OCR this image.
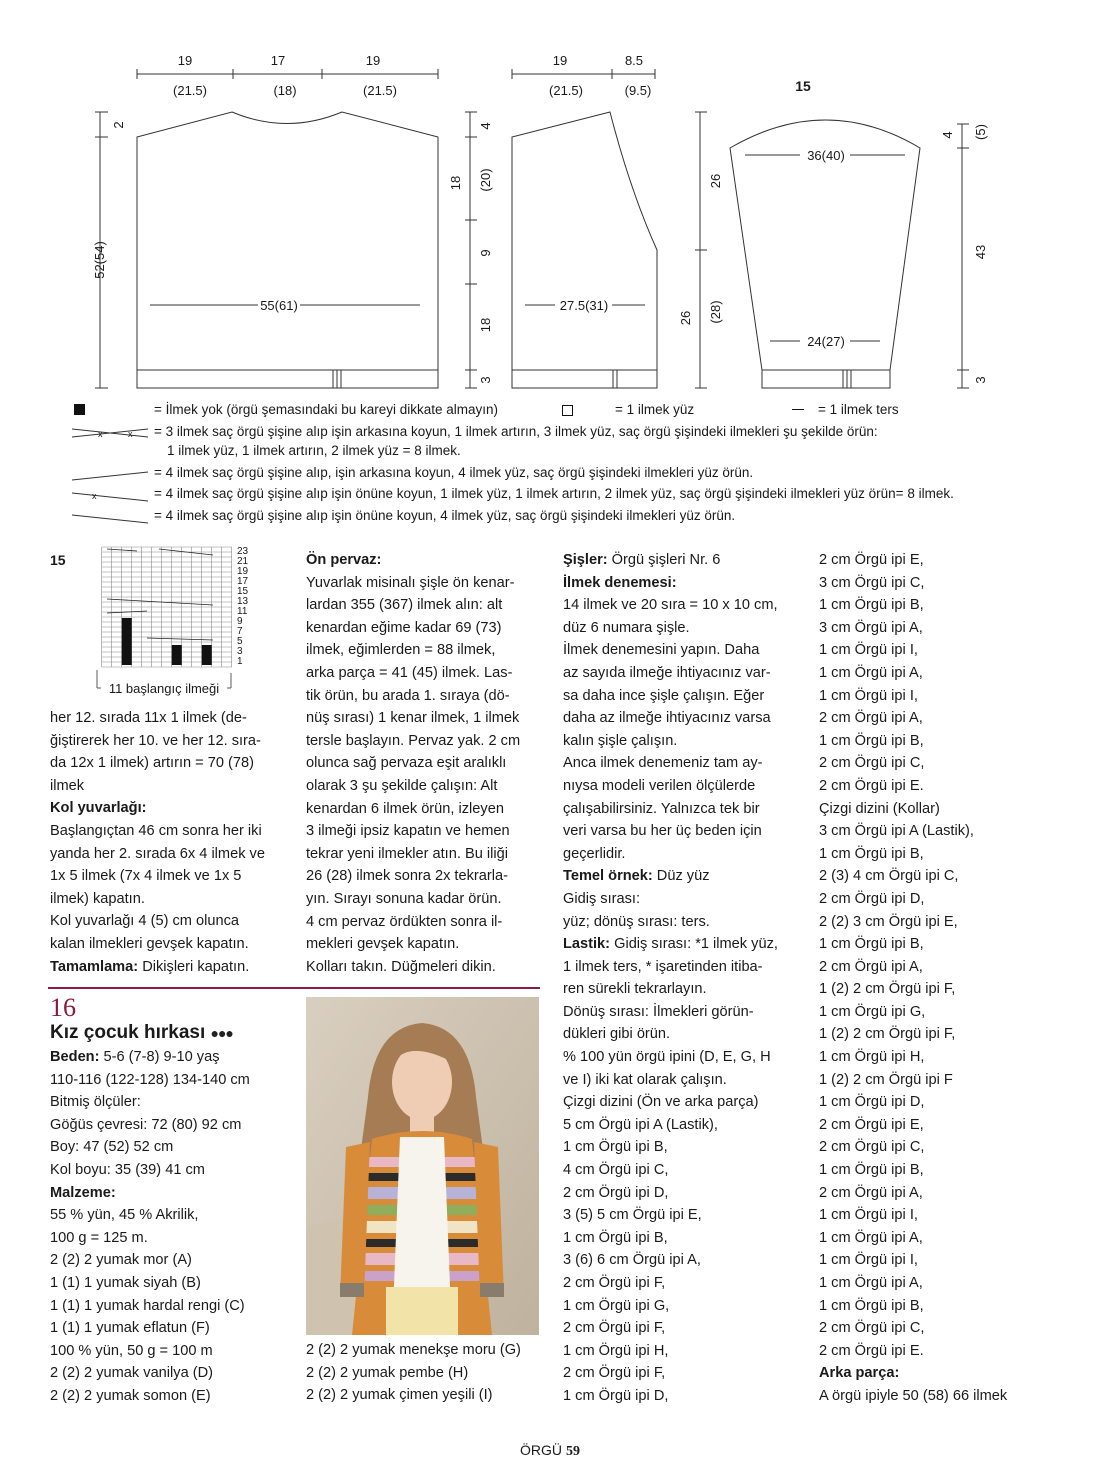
19	17	19
(21.5)	(18)	(21.5)
2
52(54)
55(61)
4
18 (20)
9
18
3
19	8.5
(21.5)	(9.5)
27.5(31)
26
26 (28)
15
36(40)
24(27)
4 (5)
43
3
= İlmek yok (örgü şemasındaki bu kareyi dikkate almayın)	= 1 ilmek yüz	= 1 ilmek ters
x	x = 3 ilmek saç örgü şişine alıp işin arkasına koyun, 1 ilmek artırın, 3 ilmek yüz, saç örgü şişindeki ilmekleri şu şekilde örün:
1 ilmek yüz, 1 ilmek artırın, 2 ilmek yüz = 8 ilmek.
= 4 ilmek saç örgü şişine alıp, işin arkasına koyun, 4 ilmek yüz, saç örgü şişindeki ilmekleri yüz örün.
x	= 4 ilmek saç örgü şişine alıp işin önüne koyun, 1 ilmek yüz, 1 ilmek artırın, 2 ilmek yüz, saç örgü şişindeki ilmekleri yüz örün= 8 ilmek.
= 4 ilmek saç örgü şişine alıp işin önüne koyun, 4 ilmek yüz, saç örgü şişindeki ilmekleri yüz örün.
15
23
21
19
17
15
13
11
9
7
5
3
1
11 başlangıç ilmeği

her 12. sırada 11x 1 ilmek (de-

ğiştirerek her 10. ve her 12. sıra-

da 12x 1 ilmek) artırın = 70 (78)

ilmek

Kol yuvarlağı:

Başlangıçtan 46 cm sonra her iki

yanda her 2. sırada 6x 4 ilmek ve

1x 5 ilmek (7x 4 ilmek ve 1x 5

ilmek) kapatın.

Kol yuvarlağı 4 (5) cm olunca

kalan ilmekleri gevşek kapatın.

Tamamlama: Dikişleri kapatın.

16
Kız çocuk hırkası ●●●

Beden: 5-6 (7-8) 9-10 yaş

110-116 (122-128) 134-140 cm

Bitmiş ölçüler:

Göğüs çevresi: 72 (80) 92 cm

Boy: 47 (52) 52 cm

Kol boyu: 35 (39) 41 cm

Malzeme:

55 % yün, 45 % Akrilik,

100 g = 125 m.

2 (2) 2 yumak mor (A)

1 (1) 1 yumak siyah (B)

1 (1) 1 yumak hardal rengi (C)

1 (1) 1 yumak eflatun (F)

100 % yün, 50 g = 100 m

2 (2) 2 yumak vanilya (D)

2 (2) 2 yumak somon (E)

2 (2) 2 yumak menekşe moru (G)

2 (2) 2 yumak pembe (H)

2 (2) 2 yumak çimen yeşili (I)

Ön pervaz:

Yuvarlak misinalı şişle ön kenar-

lardan 355 (367) ilmek alın: alt

kenardan eğime kadar 69 (73)

ilmek, eğimlerden = 88 ilmek,

arka parça = 41 (45) ilmek. Las-

tik örün, bu arada 1. sıraya (dö-

nüş sırası) 1 kenar ilmek, 1 ilmek

tersle başlayın. Pervaz yak. 2 cm

olunca sağ pervaza eşit aralıklı

olarak 3 şu şekilde çalışın: Alt

kenardan 6 ilmek örün, izleyen

3 ilmeği ipsiz kapatın ve hemen

tekrar yeni ilmekler atın. Bu iliği

26 (28) ilmek sonra 2x tekrarla-

yın. Sırayı sonuna kadar örün.

4 cm pervaz ördükten sonra il-

mekleri gevşek kapatın.

Kolları takın. Düğmeleri dikin.

Şişler: Örgü şişleri Nr. 6

İlmek denemesi:

14 ilmek ve 20 sıra = 10 x 10 cm,

düz 6 numara şişle.

İlmek denemesini yapın. Daha

az sayıda ilmeğe ihtiyacınız var-

sa daha ince şişle çalışın. Eğer

daha az ilmeğe ihtiyacınız varsa

kalın şişle çalışın.

Anca ilmek denemeniz tam ay-

nıysa modeli verilen ölçülerde

çalışabilirsiniz. Yalnızca tek bir

veri varsa bu her üç beden için

geçerlidir.

Temel örnek: Düz yüz

Gidiş sırası:

yüz; dönüş sırası: ters.

Lastik: Gidiş sırası: *1 ilmek yüz,

1 ilmek ters, * işaretinden itiba-

ren sürekli tekrarlayın.

Dönüş sırası: İlmekleri görün-

dükleri gibi örün.

% 100 yün örgü ipini (D, E, G, H

ve I) iki kat olarak çalışın.

Çizgi dizini (Ön ve arka parça)

5 cm Örgü ipi A (Lastik),

1 cm Örgü ipi B,

4 cm Örgü ipi C,

2 cm Örgü ipi D,

3 (5) 5 cm Örgü ipi E,

1 cm Örgü ipi B,

3 (6) 6 cm Örgü ipi A,

2 cm Örgü ipi F,

1 cm Örgü ipi G,

2 cm Örgü ipi F,

1 cm Örgü ipi H,

2 cm Örgü ipi F,

1 cm Örgü ipi D,

2 cm Örgü ipi E,

3 cm Örgü ipi C,

1 cm Örgü ipi B,

3 cm Örgü ipi A,

1 cm Örgü ipi I,

1 cm Örgü ipi A,

1 cm Örgü ipi I,

2 cm Örgü ipi A,

1 cm Örgü ipi B,

2 cm Örgü ipi C,

2 cm Örgü ipi E.

Çizgi dizini (Kollar)

3 cm Örgü ipi A (Lastik),

1 cm Örgü ipi B,

2 (3) 4 cm Örgü ipi C,

2 cm Örgü ipi D,

2 (2) 3 cm Örgü ipi E,

1 cm Örgü ipi B,

2 cm Örgü ipi A,

1 (2) 2 cm Örgü ipi F,

1 cm Örgü ipi G,

1 (2) 2 cm Örgü ipi F,

1 cm Örgü ipi H,

1 (2) 2 cm Örgü ipi F

1 cm Örgü ipi D,

2 cm Örgü ipi E,

2 cm Örgü ipi C,

1 cm Örgü ipi B,

2 cm Örgü ipi A,

1 cm Örgü ipi I,

1 cm Örgü ipi A,

1 cm Örgü ipi I,

1 cm Örgü ipi A,

1 cm Örgü ipi B,

2 cm Örgü ipi C,

2 cm Örgü ipi E.

Arka parça:

A örgü ipiyle 50 (58) 66 ilmek

ÖRGÜ 59
